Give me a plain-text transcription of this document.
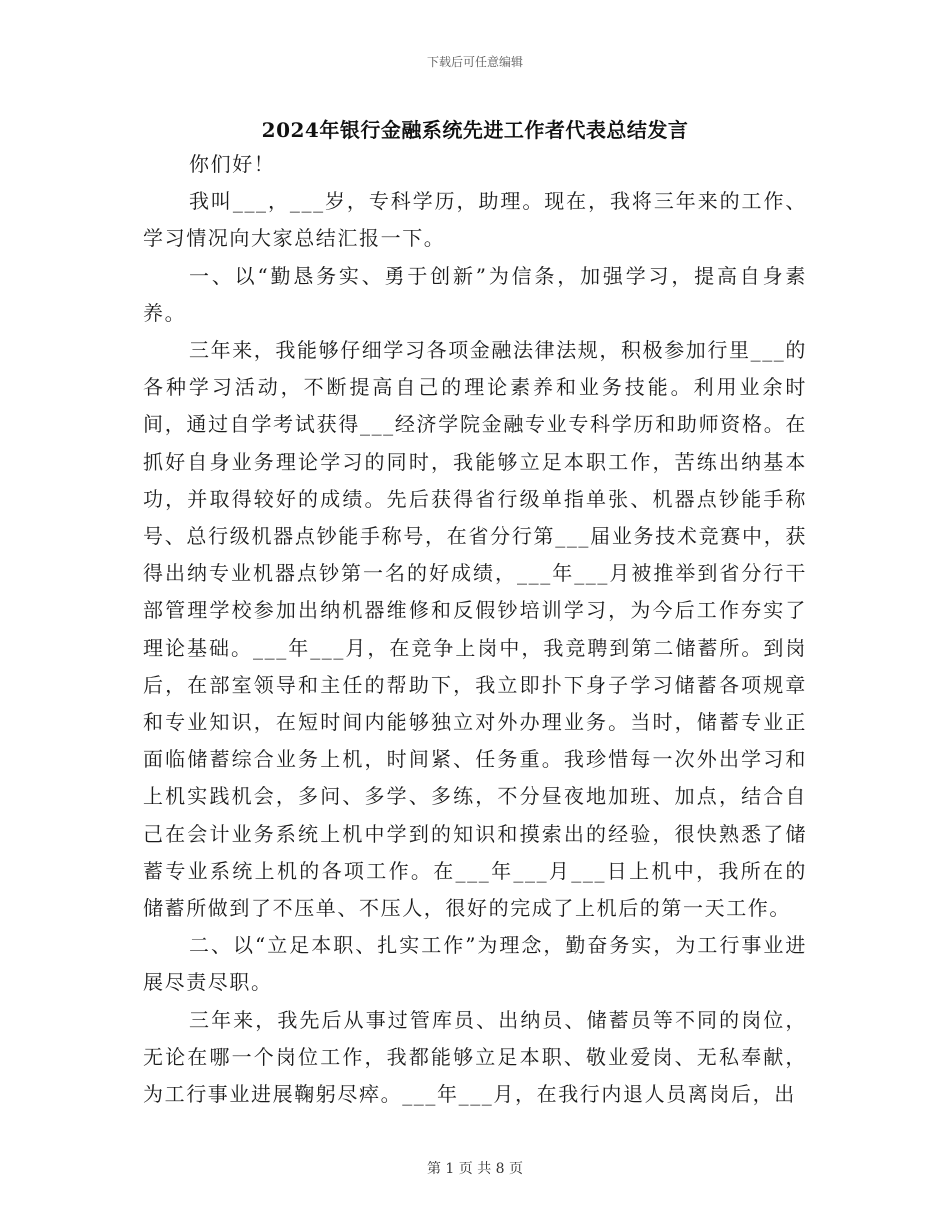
下载后可任意编辑
2024年银行金融系统先进工作者代表总结发言

你们好！

我叫___，___岁，专科学历，助理。现在，我将三年来的工作、学习情况向大家总结汇报一下。

一、以“勤恳务实、勇于创新”为信条，加强学习，提高自身素养。

三年来，我能够仔细学习各项金融法律法规，积极参加行里___的各种学习活动，不断提高自己的理论素养和业务技能。利用业余时间，通过自学考试获得___经济学院金融专业专科学历和助师资格。在抓好自身业务理论学习的同时，我能够立足本职工作，苦练出纳基本功，并取得较好的成绩。先后获得省行级单指单张、机器点钞能手称号、总行级机器点钞能手称号，在省分行第___届业务技术竞赛中，获得出纳专业机器点钞第一名的好成绩，___年___月被推举到省分行干部管理学校参加出纳机器维修和反假钞培训学习，为今后工作夯实了理论基础。___年___月，在竞争上岗中，我竞聘到第二储蓄所。到岗后，在部室领导和主任的帮助下，我立即扑下身子学习储蓄各项规章和专业知识，在短时间内能够独立对外办理业务。当时，储蓄专业正面临储蓄综合业务上机，时间紧、任务重。我珍惜每一次外出学习和上机实践机会，多问、多学、多练，不分昼夜地加班、加点，结合自己在会计业务系统上机中学到的知识和摸索出的经验，很快熟悉了储蓄专业系统上机的各项工作。在___年___月___日上机中，我所在的储蓄所做到了不压单、不压人，很好的完成了上机后的第一天工作。

二、以“立足本职、扎实工作”为理念，勤奋务实，为工行事业进展尽责尽职。

三年来，我先后从事过管库员、出纳员、储蓄员等不同的岗位，无论在哪一个岗位工作，我都能够立足本职、敬业爱岗、无私奉献，为工行事业进展鞠躬尽瘁。___年___月，在我行内退人员离岗后，出

第 1 页 共 8 页
